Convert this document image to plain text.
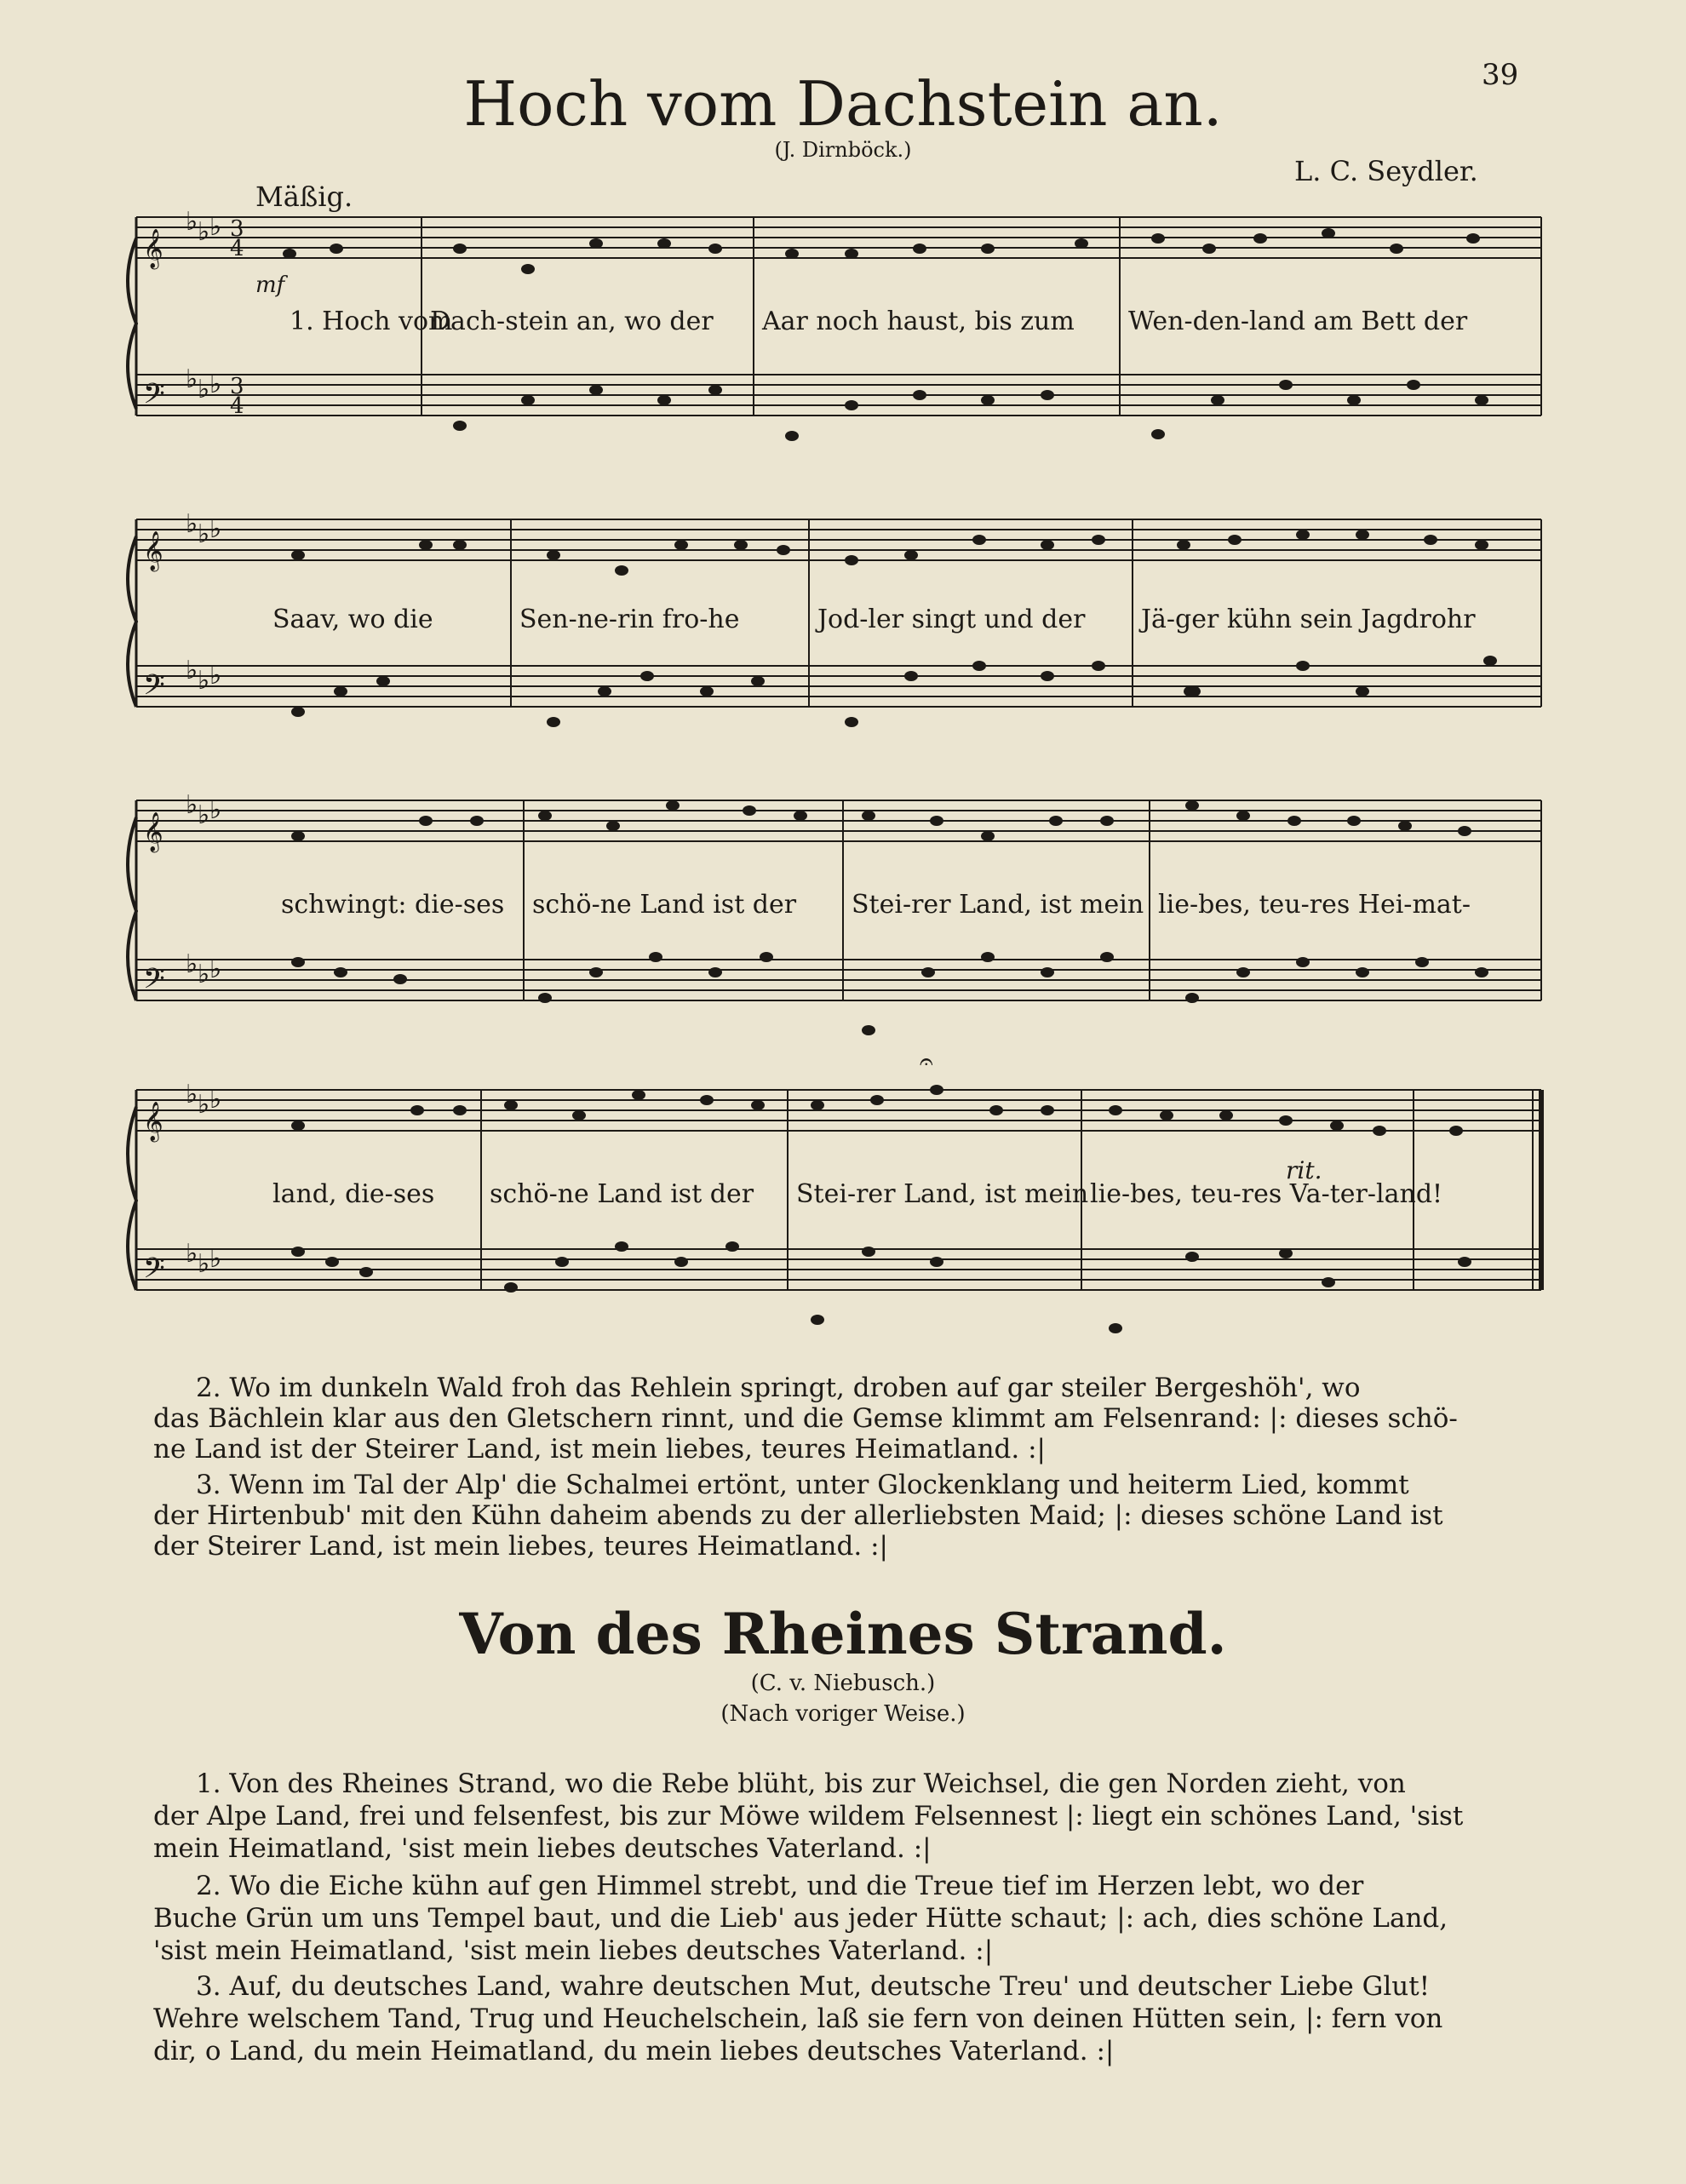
39
Hoch vom Dachstein an.
(J. Dirnböck.)
L. C. Seydler.
Mäßig.
𝄞
𝄢
♭ ♭ ♭
♭ ♭ ♭
3
4
3
4
1. Hoch vom
Dach-stein an, wo der Aar noch haust, bis zum Wen-den-land am Bett der
mf
𝄞
𝄢
♭ ♭ ♭
♭ ♭ ♭
Saav, wo die	Sen-ne-rin fro-he	Jod-ler singt und der Jä-ger kühn sein Jagdrohr
𝄞
𝄢
♭ ♭ ♭
♭ ♭ ♭
schwingt: die-ses schö-ne Land ist der Stei-rer Land, ist mein lie-bes, teu-res Hei-mat-
𝄞
𝄢
♭ ♭ ♭
♭ ♭ ♭
𝄐
land, die-ses schö-ne Land ist der Stei-rer Land, ist mein lie-bes, teu-res Va-ter-land!
rit.
2. Wo im dunkeln Wald froh das Rehlein springt, droben auf gar steiler Bergeshöh', wo
das Bächlein klar aus den Gletschern rinnt, und die Gemse klimmt am Felsenrand: |: dieses schö-
ne Land ist der Steirer Land, ist mein liebes, teures Heimatland. :|
3. Wenn im Tal der Alp' die Schalmei ertönt, unter Glockenklang und heiterm Lied, kommt
der Hirtenbub' mit den Kühn daheim abends zu der allerliebsten Maid; |: dieses schöne Land ist
der Steirer Land, ist mein liebes, teures Heimatland. :|
Von des Rheines Strand.
(C. v. Niebusch.)
(Nach voriger Weise.)
1. Von des Rheines Strand, wo die Rebe blüht, bis zur Weichsel, die gen Norden zieht, von
der Alpe Land, frei und felsenfest, bis zur Möwe wildem Felsennest |: liegt ein schönes Land, 'sist
mein Heimatland, 'sist mein liebes deutsches Vaterland. :|
2. Wo die Eiche kühn auf gen Himmel strebt, und die Treue tief im Herzen lebt, wo der
Buche Grün um uns Tempel baut, und die Lieb' aus jeder Hütte schaut; |: ach, dies schöne Land,
'sist mein Heimatland, 'sist mein liebes deutsches Vaterland. :|
3. Auf, du deutsches Land, wahre deutschen Mut, deutsche Treu' und deutscher Liebe Glut!
Wehre welschem Tand, Trug und Heuchelschein, laß sie fern von deinen Hütten sein, |: fern von
dir, o Land, du mein Heimatland, du mein liebes deutsches Vaterland. :|
